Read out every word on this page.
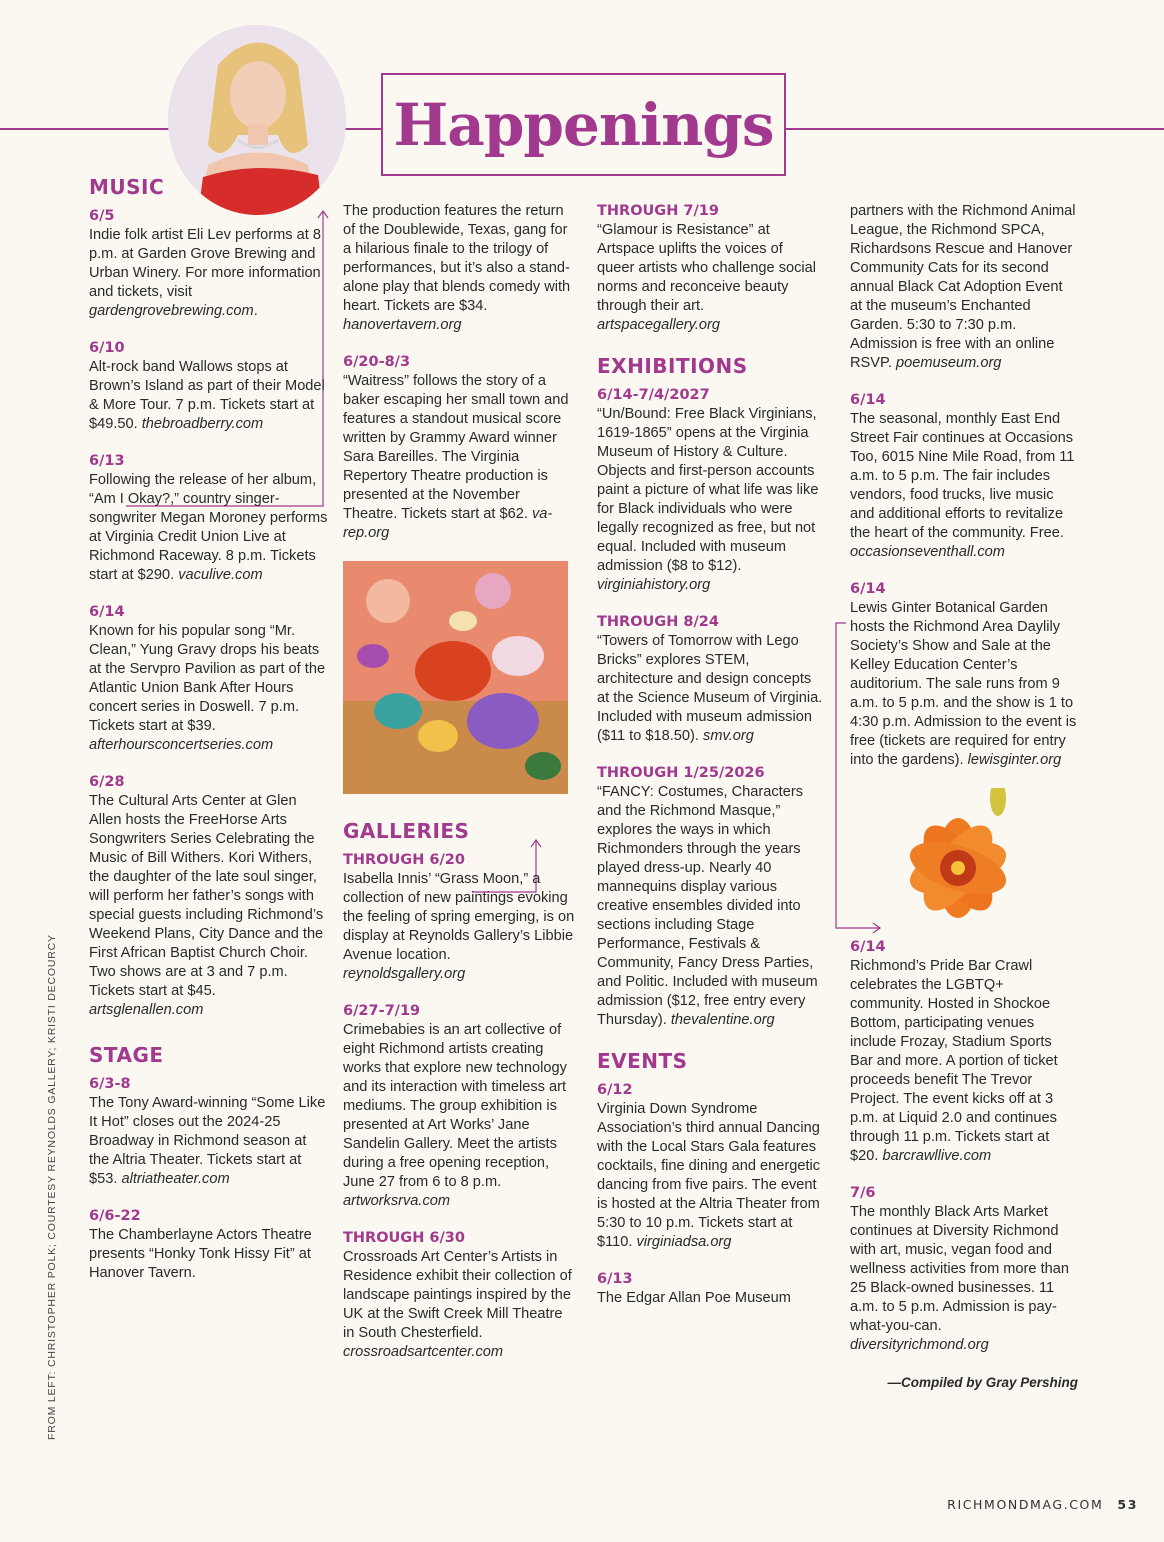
Happenings
MUSIC

6/5

Indie folk artist Eli Lev performs at 8 p.m. at Garden Grove Brewing and Urban Winery. For more information and tickets, visit gardengrovebrewing.com.

6/10

Alt-rock band Wallows stops at Brown’s Island as part of their Model & More Tour. 7 p.m. Tickets start at $49.50. thebroadberry.com

6/13

Following the release of her album, “Am I Okay?,” country singer-songwriter Megan Moroney performs at Virginia Credit Union Live at Richmond Raceway. 8 p.m. Tickets start at $290. vaculive.com

6/14

Known for his popular song “Mr. Clean,” Yung Gravy drops his beats at the Servpro Pavilion as part of the Atlantic Union Bank After Hours concert series in Doswell. 7 p.m. Tickets start at $39. afterhoursconcertseries.com

6/28

The Cultural Arts Center at Glen Allen hosts the FreeHorse Arts Songwriters Series Celebrating the Music of Bill Withers. Kori Withers, the daughter of the late soul singer, will perform her father’s songs with special guests including Richmond’s Weekend Plans, City Dance and the First African Baptist Church Choir. Two shows are at 3 and 7 p.m. Tickets start at $45. artsglenallen.com

STAGE

6/3-8

The Tony Award-winning “Some Like It Hot” closes out the 2024-25 Broadway in Richmond season at the Altria Theater. Tickets start at $53. altriatheater.com

6/6-22

The Chamberlayne Actors Theatre presents “Honky Tonk Hissy Fit” at Hanover Tavern.

The production features the return of the Doublewide, Texas, gang for a hilarious finale to the trilogy of performances, but it’s also a stand-alone play that blends comedy with heart. Tickets are $34. hanovertavern.org

6/20-8/3

“Waitress” follows the story of a baker escaping her small town and features a standout musical score written by Grammy Award winner Sara Bareilles. The Virginia Repertory Theatre production is presented at the November Theatre. Tickets start at $62. va-rep.org

GALLERIES

THROUGH 6/20

Isabella Innis’ “Grass Moon,” a collection of new paintings evoking the feeling of spring emerging, is on display at Reynolds Gallery’s Libbie Avenue location. reynoldsgallery.org

6/27-7/19

Crimebabies is an art collective of eight Richmond artists creating works that explore new technology and its interaction with timeless art mediums. The group exhibition is presented at Art Works’ Jane Sandelin Gallery. Meet the artists during a free opening reception, June 27 from 6 to 8 p.m. artworksrva.com

THROUGH 6/30

Crossroads Art Center’s Artists in Residence exhibit their collection of landscape paintings inspired by the UK at the Swift Creek Mill Theatre in South Chesterfield. crossroadsartcenter.com

THROUGH 7/19

“Glamour is Resistance” at Artspace uplifts the voices of queer artists who challenge social norms and reconceive beauty through their art. artspacegallery.org

EXHIBITIONS

6/14-7/4/2027

“Un/Bound: Free Black Virginians, 1619-1865” opens at the Virginia Museum of History & Culture. Objects and first-person accounts paint a picture of what life was like for Black individuals who were legally recognized as free, but not equal. Included with museum admission ($8 to $12). virginiahistory.org

THROUGH 8/24

“Towers of Tomorrow with Lego Bricks” explores STEM, architecture and design concepts at the Science Museum of Virginia. Included with museum admission ($11 to $18.50). smv.org

THROUGH 1/25/2026

“FANCY: Costumes, Characters and the Richmond Masque,” explores the ways in which Richmonders through the years played dress-up. Nearly 40 mannequins display various creative ensembles divided into sections including Stage Performance, Festivals & Community, Fancy Dress Parties, and Politic. Included with museum admission ($12, free entry every Thursday). thevalentine.org

EVENTS

6/12

Virginia Down Syndrome Association’s third annual Dancing with the Local Stars Gala features cocktails, fine dining and energetic dancing from five pairs. The event is hosted at the Altria Theater from 5:30 to 10 p.m. Tickets start at $110. virginiadsa.org

6/13

The Edgar Allan Poe Museum

partners with the Richmond Animal League, the Richmond SPCA, Richardsons Rescue and Hanover Community Cats for its second annual Black Cat Adoption Event at the museum’s Enchanted Garden. 5:30 to 7:30 p.m. Admission is free with an online RSVP. poemuseum.org

6/14

The seasonal, monthly East End Street Fair continues at Occasions Too, 6015 Nine Mile Road, from 11 a.m. to 5 p.m. The fair includes vendors, food trucks, live music and additional efforts to revitalize the heart of the community. Free. occasionseventhall.com

6/14

Lewis Ginter Botanical Garden hosts the Richmond Area Daylily Society’s Show and Sale at the Kelley Education Center’s auditorium. The sale runs from 9 a.m. to 5 p.m. and the show is 1 to 4:30 p.m. Admission to the event is free (tickets are required for entry into the gardens). lewisginter.org

6/14

Richmond’s Pride Bar Crawl celebrates the LGBTQ+ community. Hosted in Shockoe Bottom, participating venues include Frozay, Stadium Sports Bar and more. A portion of ticket proceeds benefit The Trevor Project. The event kicks off at 3 p.m. at Liquid 2.0 and continues through 11 p.m. Tickets start at $20. barcrawllive.com

7/6

The monthly Black Arts Market continues at Diversity Richmond with art, music, vegan food and wellness activities from more than 25 Black-owned businesses. 11 a.m. to 5 p.m. Admission is pay-what-you-can. diversityrichmond.org

—Compiled by Gray Pershing
FROM LEFT: CHRISTOPHER POLK; COURTESY REYNOLDS GALLERY; KRISTI DECOURCY
RICHMONDMAG.COM 53
